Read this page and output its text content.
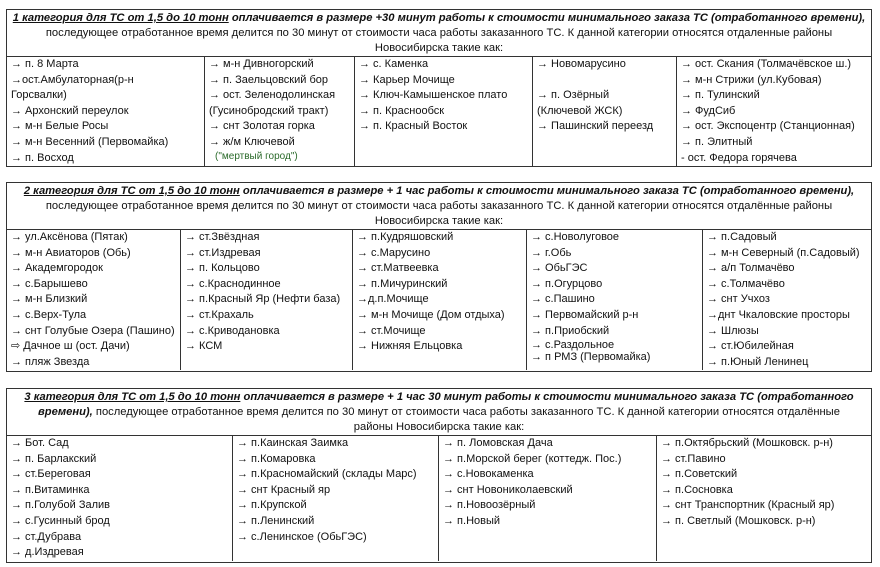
1 категория для ТС от 1,5 до 10 тонн оплачивается в размере +30 минут работы к стоимости минимального заказа ТС (отработанного времени),
последующее отработанное время делится по 30 минут от стоимости часа работы заказанного ТС. К данной категории относятся отдаленные районы
Новосибирска такие как:
→ п. 8 Марта
→ост.Амбулаторная(р-н
Горсвалки)
→ Архонский переулок
→ м-н Белые Росы
→ м-н Весенний (Первомайка)
→ п. Восход
→ м-н Дивногорский
→ п. Заельцовский бор
→ ост. Зеленодолинская
(Гусинобродский тракт)
→ снт Золотая горка
→ ж/м Ключевой
("мертвый город")
→ с. Каменка
→ Карьер Мочище
→ Ключ-Камышенское плато
→ п. Краснообск
→ п. Красный Восток
→ Новомарусино

→ п. Озёрный
(Ключевой ЖСК)
→ Пашинский переезд
→ ост. Скания (Толмачёвское ш.)
→ м-н Стрижи (ул.Кубовая)
→ п. Тулинский
→ ФудСиб
→ ост. Экспоцентр (Станционная)
→ п. Элитный
- ост. Федора горячева
2 категория для ТС от 1,5 до 10 тонн оплачивается в размере + 1 час работы к стоимости минимального заказа ТС (отработанного времени),
последующее отработанное время делится по 30 минут от стоимости часа работы заказанного ТС. К данной категории относятся отдалённые районы
Новосибирска такие как:
→ ул.Аксёнова (Пятак)
→ м-н Авиаторов (Обь)
→ Академгородок
→ с.Барышево
→ м-н Близкий
→ с.Верх-Тула
→ снт Голубые Озера (Пашино)
⇨ Дачное ш (ост. Дачи)
→ пляж Звезда
→ ст.Звёздная
→ ст.Издревая
→ п. Кольцово
→ с.Краснодинное
→ п.Красный Яр (Нефти база)
→ ст.Крахаль
→ с.Криводановка
→ КСМ
→ п.Кудряшовский
→ с.Марусино
→ ст.Матвеевка
→ п.Мичуринский
→д.п.Мочище
→ м-н Мочище (Дом отдыха)
→ ст.Мочище
→ Нижняя Ельцовка
→ с.Новолуговое
→ г.Обь
→ ОбьГЭС
→ п.Огурцово
→ с.Пашино
→ Первомайский р-н
→ п.Приобский
→ с.Раздольное
→ п РМЗ (Первомайка)
→ п.Садовый
→ м-н Северный (п.Садовый)
→ а/п Толмачёво
→ с.Толмачёво
→ снт Учхоз
→днт Чкаловские просторы
→ Шлюзы
→ ст.Юбилейная
→ п.Юный Ленинец
3 категория для ТС от 1,5 до 10 тонн оплачивается в размере + 1 час 30 минут работы к стоимости минимального заказа ТС (отработанного
времени), последующее отработанное время делится по 30 минут от стоимости часа работы заказанного ТС. К данной категории относятся отдалённые
районы Новосибирска такие как:
→ Бот. Сад
→ п. Барлакский
→ ст.Береговая
→ п.Витаминка
→ п.Голубой Залив
→ с.Гусинный брод
→ ст.Дубрава
→ д.Издревая
→ п.Каинская Заимка
→ п.Комаровка
→ п.Красномайский (склады Марс)
→ снт Красный яр
→ п.Крупской
→ п.Ленинский
→ с.Ленинское (ОбьГЭС)
→ п. Ломовская Дача
→ п.Морской берег (коттедж. Пос.)
→ с.Новокаменка
→ снт Новониколаевский
→ п.Новоозёрный
→ п.Новый
→ п.Октябрьский (Мошковск. р-н)
→ ст.Павино
→ п.Советский
→ п.Сосновка
→ снт Транспортник (Красный яр)
→ п. Светлый (Мошковск. р-н)
